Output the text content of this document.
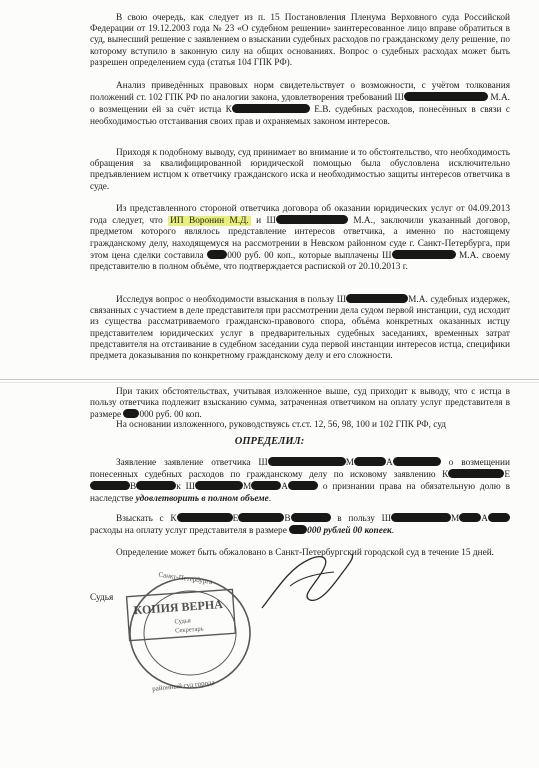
В свою очередь, как следует из п. 15 Постановления Пленума Верховного суда Российской Федерации от 19.12.2003 года № 23 «О судебном решении» заинтересованное лицо вправе обратиться в суд, вынесший решение с заявлением о взыскании судебных расходов по гражданскому делу решение, по которому вступило в законную силу на общих основаниях. Вопрос о судебных расходах может быть разрешен определением суда (статья 104 ГПК РФ).

Анализ приведённых правовых норм свидетельствует о возможности, с учётом толкования положений ст. 102 ГПК РФ по аналогии закона, удовлетворения требований Ш	М.А. о возмещении ей за счёт истца К	Е.В. судебных расходов, понесённых в связи с необходимостью отстаивания своих прав и охраняемых законом интересов.

Приходя к подобному выводу, суд принимает во внимание и то обстоятельство, что необходимость обращения за квалифицированной юридической помощью была обусловлена исключительно предъявлением истцом к ответчику гражданского иска и необходимостью защиты интересов ответчика в суде.

Из представленного стороной ответчика договора об оказании юридических услуг от 04.09.2013 года следует, что ИП Воронин М.Д. и Ш	М.А., заключили указанный договор, предметом которого являлось представление интересов ответчика, а именно по настоящему гражданскому делу, находящемуся на рассмотрении в Невском районном суде г. Санкт-Петербурга, при этом цена сделки составила 000 руб. 00 коп., которые выплачены Ш	М.А. своему представителю в полном объёме, что подтверждается распиской от 20.10.2013 г.

Исследуя вопрос о необходимости взыскания в пользу Ш	М.А. судебных издержек, связанных с участием в деле представителя при рассмотрении дела судом первой инстанции, суд исходит из существа рассматриваемого гражданско-правового спора, объёма конкретных оказанных истцу представителем юридических услуг в предварительных судебных заседаниях, временных затрат представителя на отстаивание в судебном заседании суда первой инстанции интересов истца, специфики предмета доказывания по конкретному гражданскому делу и его сложности.

При таких обстоятельствах, учитывая изложенное выше, суд приходит к выводу, что с истца в пользу ответчика подлежит взысканию сумма, затраченная ответчиком на оплату услуг представителя в размере 000 руб. 00 коп.

На основании изложенного, руководствуясь ст.ст. 12, 56, 98, 100 и 102 ГПК РФ, суд

ОПРЕДЕЛИЛ:

Заявление заявление ответчика Ш	М	А	о возмещении понесенных судебных расходов по гражданскому делу по исковому заявлению К	ЕВ	к Ш	М	А	о признании права на обязательную долю в наследстве удовлетворить в полном объеме.

Взыскать с К	Е	В	в пользу Ш	М А расходы на оплату услуг представителя в размере 000 рублей 00 копеек.

Определение может быть обжаловано в Санкт-Петербургский городской суд в течение 15 дней.

Судья КОПИЯ ВЕРНА
Санкт-Петербурга
районный суд города
Судья
Секретарь
